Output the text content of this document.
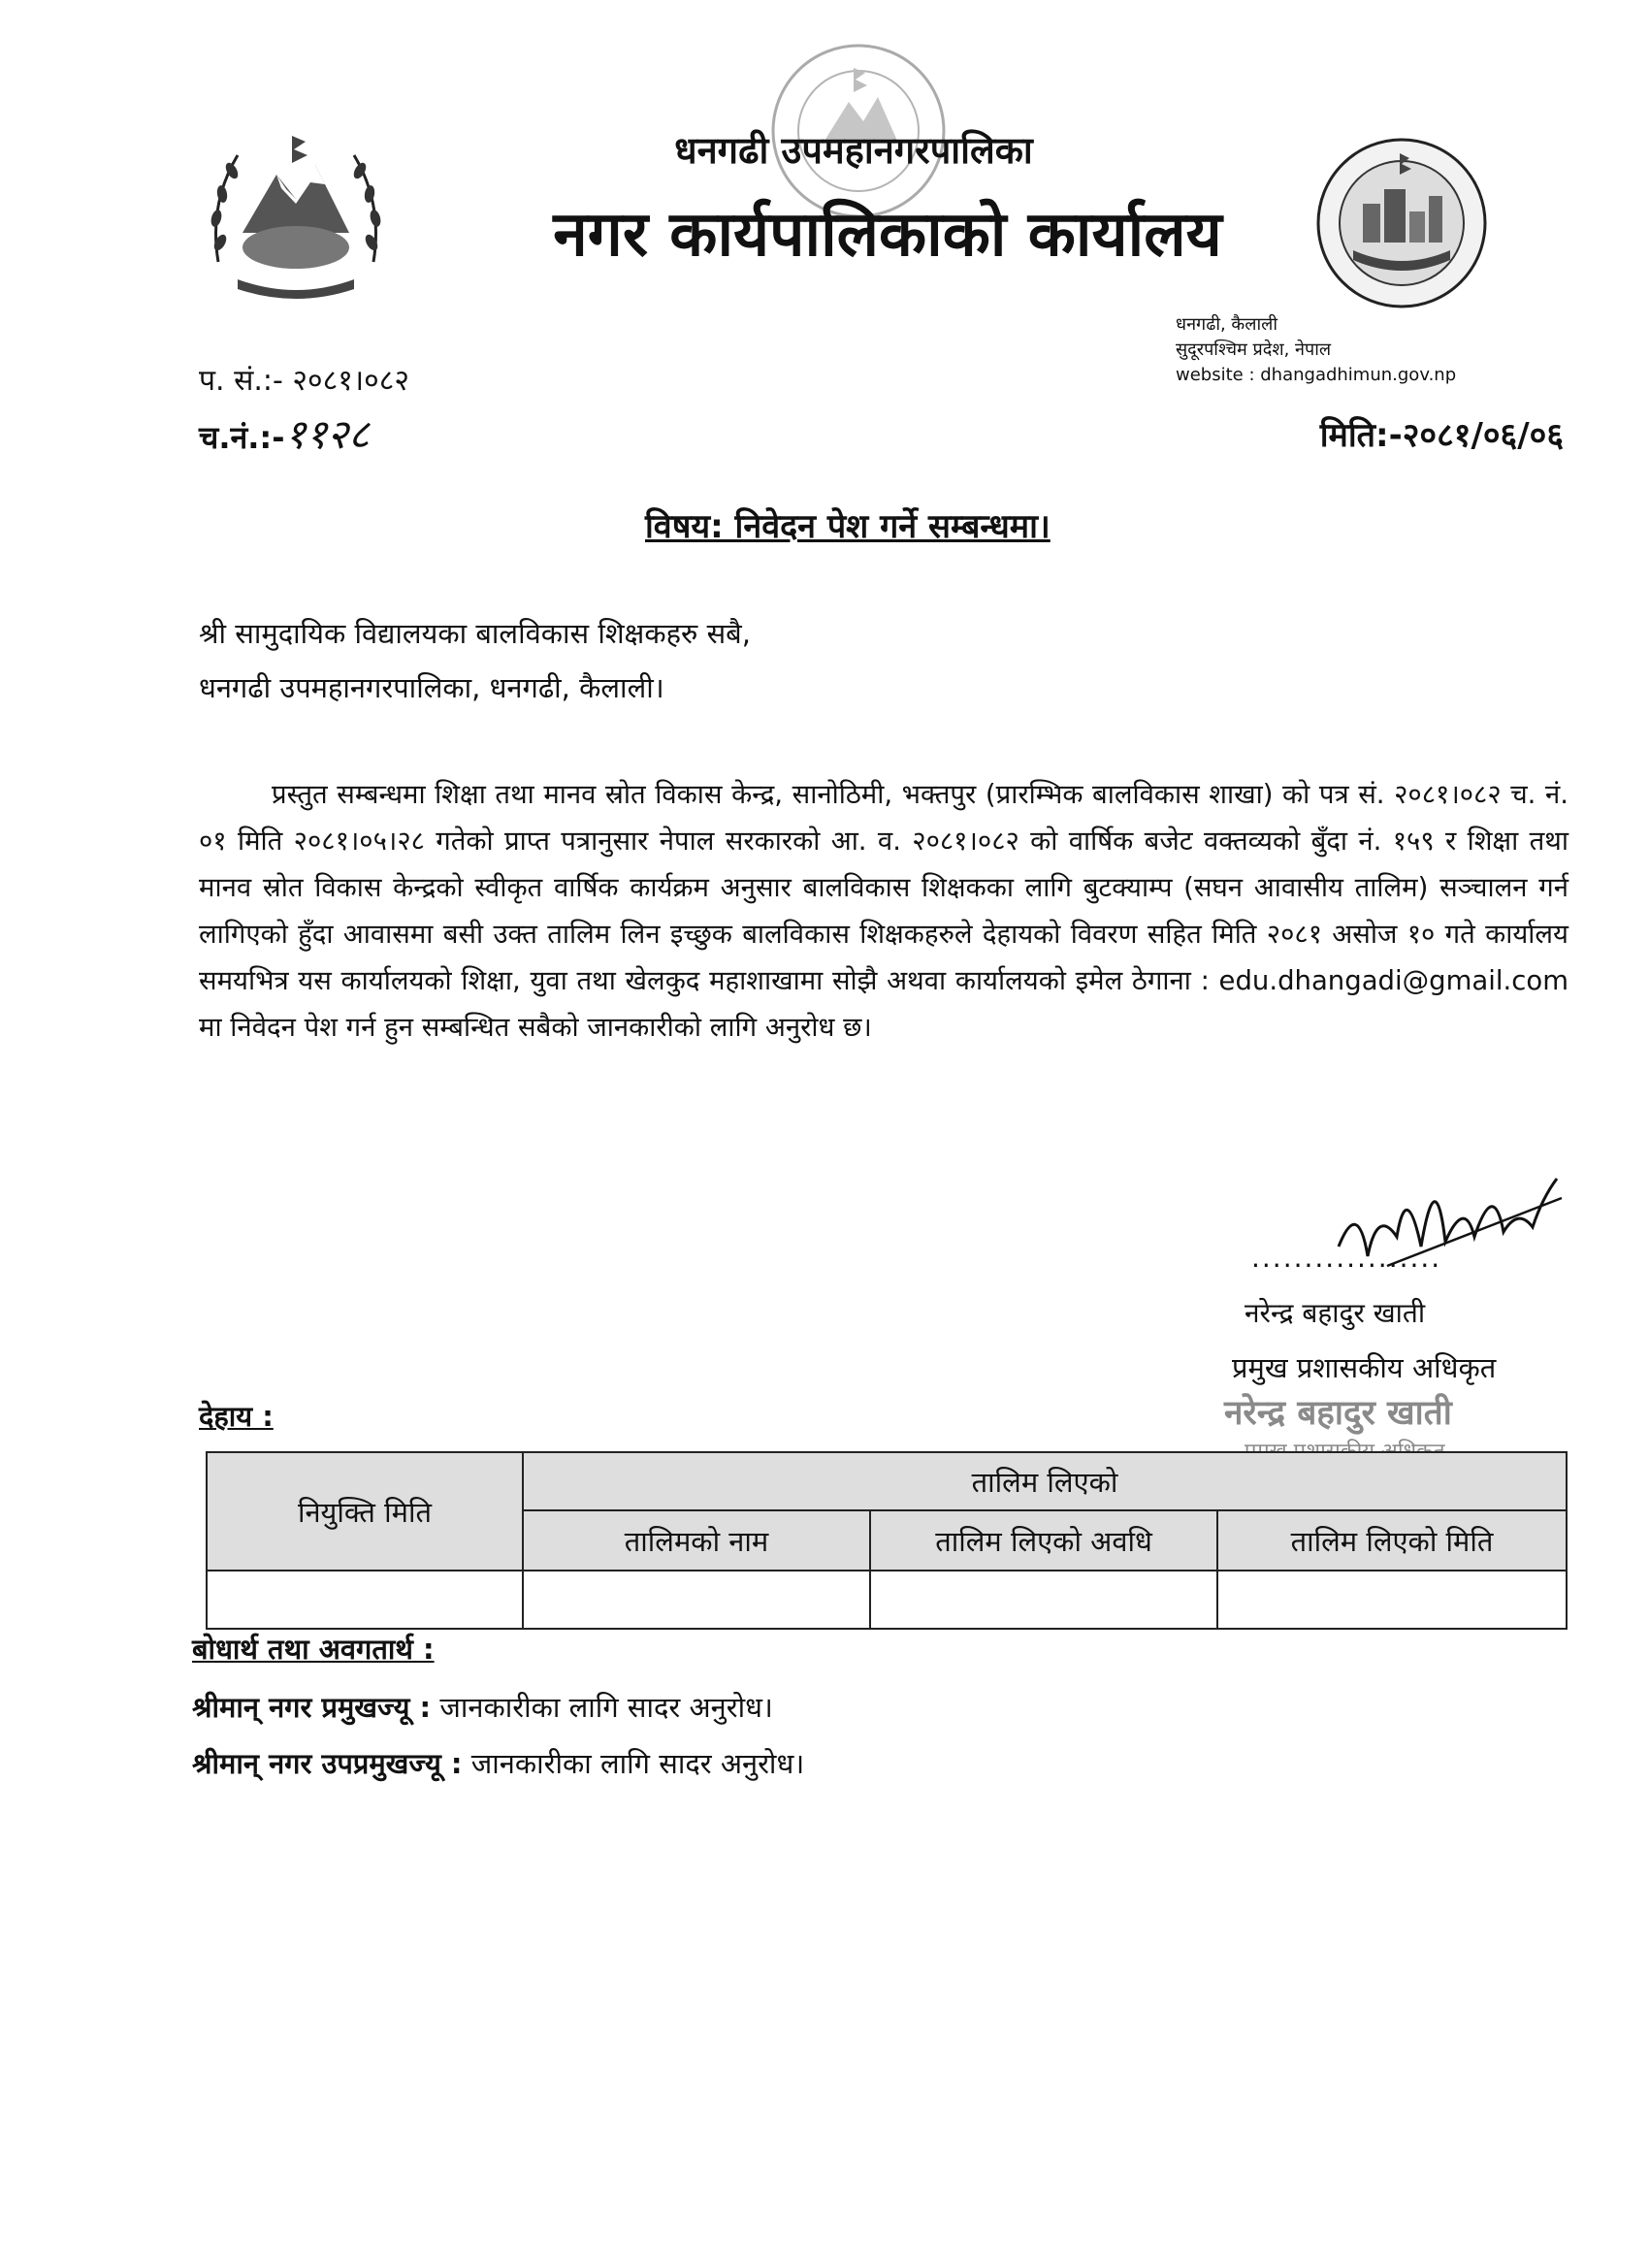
धनगढी उपमहानगरपालिका
नगर कार्यपालिकाको कार्यालय
धनगढी, कैलाली
सुदूरपश्चिम प्रदेश, नेपाल
website : dhangadhimun.gov.np
प. सं.:- २०८१।०८२
च.नं.:-११२८	मिति:-२०८१/०६/०६
विषय: निवेदन पेश गर्ने सम्बन्धमा।
श्री सामुदायिक विद्यालयका बालविकास शिक्षकहरु सबै,
धनगढी उपमहानगरपालिका, धनगढी, कैलाली।
प्रस्तुत सम्बन्धमा शिक्षा तथा मानव स्रोत विकास केन्द्र, सानोठिमी, भक्तपुर (प्रारम्भिक बालविकास शाखा) को पत्र सं. २०८१।०८२ च. नं. ०१ मिति २०८१।०५।२८ गतेको प्राप्त पत्रानुसार नेपाल सरकारको आ. व. २०८१।०८२ को वार्षिक बजेट वक्तव्यको बुँदा नं. १५९ र शिक्षा तथा मानव स्रोत विकास केन्द्रको स्वीकृत वार्षिक कार्यक्रम अनुसार बालविकास शिक्षकका लागि बुटक्याम्प (सघन आवासीय तालिम) सञ्चालन गर्न लागिएको हुँदा आवासमा बसी उक्त तालिम लिन इच्छुक बालविकास शिक्षकहरुले देहायको विवरण सहित मिति २०८१ असोज १० गते कार्यालय समयभित्र यस कार्यालयको शिक्षा, युवा तथा खेलकुद महाशाखामा सोझै अथवा कार्यालयको इमेल ठेगाना : edu.dhangadi@gmail.com मा निवेदन पेश गर्न हुन सम्बन्धित सबैको जानकारीको लागि अनुरोध छ।
..................
नरेन्द्र बहादुर खाती
प्रमुख प्रशासकीय अधिकृत
नरेन्द्र बहादुर खाती
देहाय :
नियुक्ति मिति	तालिम लिएको		
	तालिमको नाम	तालिम लिएको अवधि	तालिम लिएको मिति

बोधार्थ तथा अवगतार्थ :
श्रीमान् नगर प्रमुखज्यू : जानकारीका लागि सादर अनुरोध।
श्रीमान् नगर उपप्रमुखज्यू : जानकारीका लागि सादर अनुरोध।
